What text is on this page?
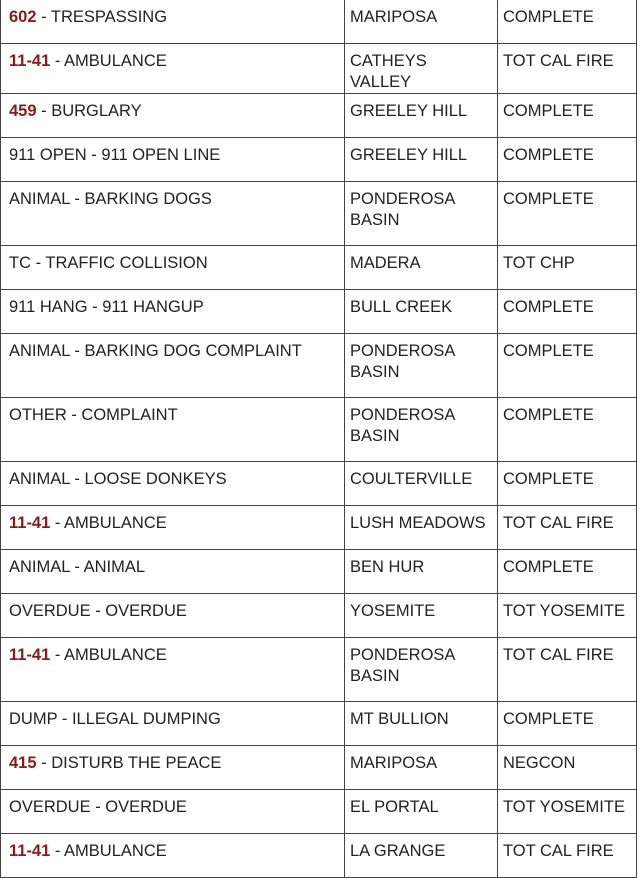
602 - TRESPASSING	MARIPOSA	COMPLETE
11-41 - AMBULANCE	CATHEYS VALLEY	TOT CAL FIRE
459 - BURGLARY	GREELEY HILL	COMPLETE
911 OPEN - 911 OPEN LINE	GREELEY HILL	COMPLETE
ANIMAL - BARKING DOGS	PONDEROSA BASIN	COMPLETE
TC - TRAFFIC COLLISION	MADERA	TOT CHP
911 HANG - 911 HANGUP	BULL CREEK	COMPLETE
ANIMAL - BARKING DOG COMPLAINT	PONDEROSA BASIN	COMPLETE
OTHER - COMPLAINT	PONDEROSA BASIN	COMPLETE
ANIMAL - LOOSE DONKEYS	COULTERVILLE	COMPLETE
11-41 - AMBULANCE	LUSH MEADOWS	TOT CAL FIRE
ANIMAL - ANIMAL	BEN HUR	COMPLETE
OVERDUE - OVERDUE	YOSEMITE	TOT YOSEMITE
11-41 - AMBULANCE	PONDEROSA BASIN	TOT CAL FIRE
DUMP - ILLEGAL DUMPING	MT BULLION	COMPLETE
415 - DISTURB THE PEACE	MARIPOSA	NEGCON
OVERDUE - OVERDUE	EL PORTAL	TOT YOSEMITE
11-41 - AMBULANCE	LA GRANGE	TOT CAL FIRE
